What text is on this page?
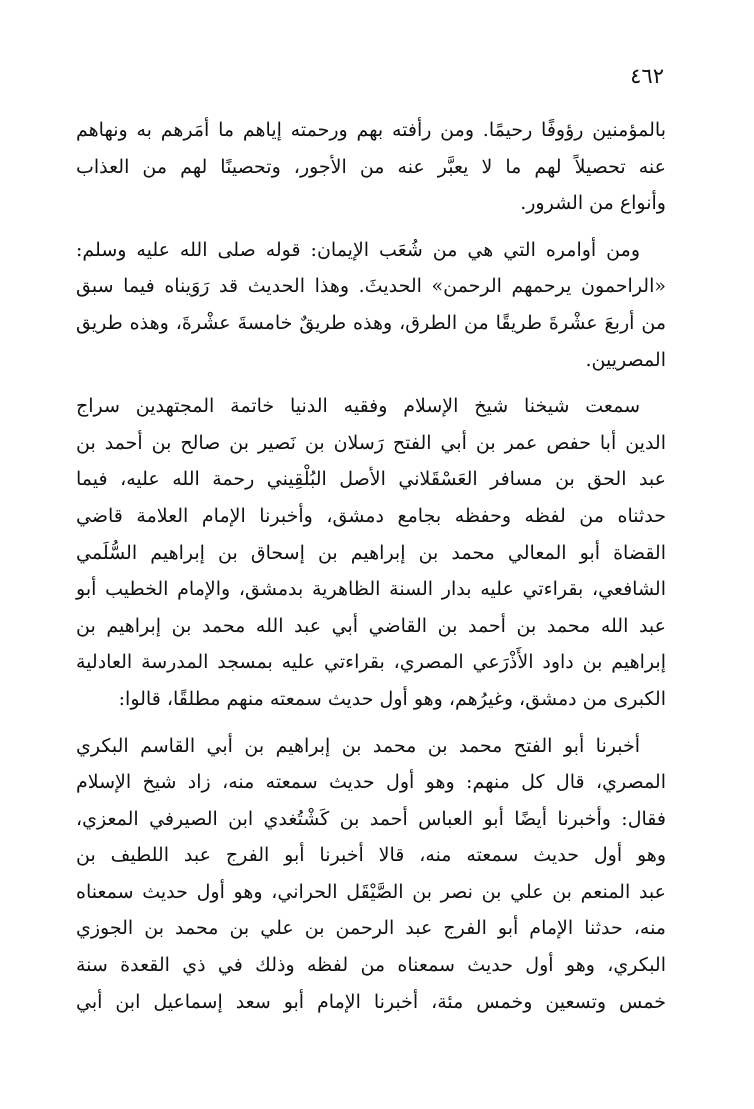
٤٦٢

بالمؤمنين رؤوفًا رحيمًا. ومن رأفته بهم ورحمته إياهم ما أمَرهم به ونهاهم
عنه تحصيلاً لهم ما لا يعبَّر عنه من الأجور، وتحصينًا لهم من العذاب
وأنواع من الشرور.

ومن أوامره التي هي من شُعَب الإيمان: قوله صلى الله عليه وسلم:
«الراحمون يرحمهم الرحمن» الحديثَ. وهذا الحديث قد رَوَيناه فيما سبق
من أربعَ عشْرةَ طريقًا من الطرق، وهذه طريقٌ خامسةَ عشْرةَ، وهذه طريق
المصريين.

سمعت شيخنا شيخ الإسلام وفقيه الدنيا خاتمة المجتهدين سراج
الدين أبا حفص عمر بن أبي الفتح رَسلان بن نَصير بن صالح بن أحمد بن
عبد الحق بن مسافر العَسْقَلاني الأصل البُلْقِيني رحمة الله عليه، فيما
حدثناه من لفظه وحفظه بجامع دمشق، وأخبرنا الإمام العلامة قاضي
القضاة أبو المعالي محمد بن إبراهيم بن إسحاق بن إبراهيم السُّلَمي
الشافعي، بقراءتي عليه بدار السنة الظاهرية بدمشق، والإمام الخطيب أبو
عبد الله محمد بن أحمد بن القاضي أبي عبد الله محمد بن إبراهيم بن
إبراهيم بن داود الأَذْرَعي المصري، بقراءتي عليه بمسجد المدرسة العادلية
الكبرى من دمشق، وغيرُهم، وهو أول حديث سمعته منهم مطلقًا، قالوا:

أخبرنا أبو الفتح محمد بن محمد بن إبراهيم بن أبي القاسم البكري
المصري، قال كل منهم: وهو أول حديث سمعته منه، زاد شيخ الإسلام
فقال: وأخبرنا أيضًا أبو العباس أحمد بن كَشْتُغدي ابن الصيرفي المعزي،
وهو أول حديث سمعته منه، قالا أخبرنا أبو الفرج عبد اللطيف بن
عبد المنعم بن علي بن نصر بن الصَّيْقَل الحراني، وهو أول حديث سمعناه
منه، حدثنا الإمام أبو الفرج عبد الرحمن بن علي بن محمد بن الجوزي
البكري، وهو أول حديث سمعناه من لفظه وذلك في ذي القعدة سنة
خمس وتسعين وخمس مئة، أخبرنا الإمام أبو سعد إسماعيل ابن أبي
